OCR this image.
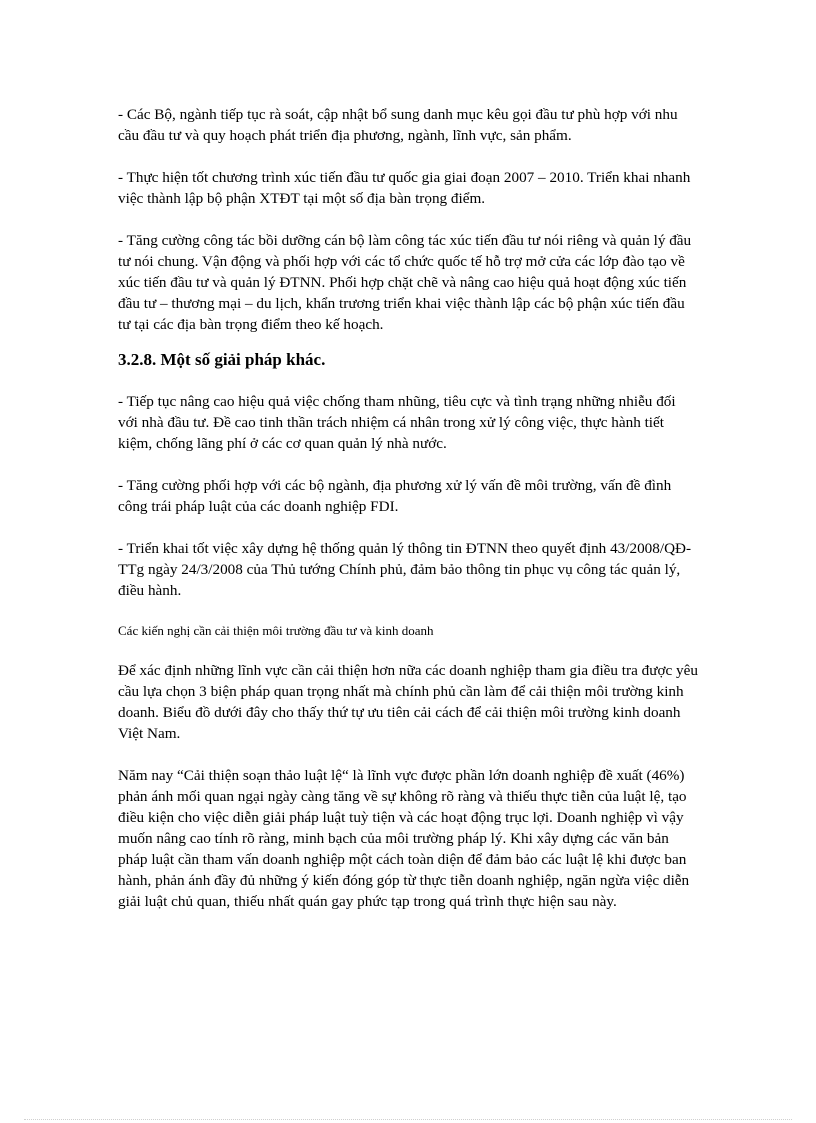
- Các Bộ, ngành tiếp tục rà soát, cập nhật bổ sung danh mục kêu gọi đầu tư phù hợp với nhu cầu đầu tư và quy hoạch phát triển địa phương, ngành, lĩnh vực, sản phẩm.

- Thực hiện tốt chương trình xúc tiến đầu tư quốc gia giai đoạn 2007 – 2010. Triển khai nhanh việc thành lập bộ phận XTĐT tại một số địa bàn trọng điểm.

- Tăng cường công tác bồi dưỡng cán bộ làm công tác xúc tiến đầu tư nói riêng và quản lý đầu tư nói chung. Vận động và phối hợp với các tổ chức quốc tế hỗ trợ mở cửa các lớp đào tạo về xúc tiến đầu tư và quản lý ĐTNN. Phối hợp chặt chẽ và nâng cao hiệu quả hoạt động xúc tiến đầu tư – thương mại – du lịch, khẩn trương triển khai việc thành lập các bộ phận xúc tiến đầu tư tại các địa bàn trọng điểm theo kế hoạch.

3.2.8. Một số giải pháp khác.

- Tiếp tục nâng cao hiệu quả việc chống tham nhũng, tiêu cực và tình trạng những nhiễu đối với nhà đầu tư. Đề cao tinh thần trách nhiệm cá nhân trong xử lý công việc, thực hành tiết kiệm, chống lãng phí ở các cơ quan quản lý nhà nước.

- Tăng cường phối hợp với các bộ ngành, địa phương xử lý vấn đề môi trường, vấn đề đình công trái pháp luật của các doanh nghiệp FDI.

- Triển khai tốt việc xây dựng hệ thống quản lý thông tin ĐTNN theo quyết định 43/2008/QĐ-TTg ngày 24/3/2008 của Thủ tướng Chính phủ, đảm bảo thông tin phục vụ công tác quản lý, điều hành.

Các kiến nghị cần cải thiện môi trường đầu tư và kinh doanh

Để xác định những lĩnh vực cần cải thiện hơn nữa các doanh nghiệp tham gia điều tra được yêu cầu lựa chọn 3 biện pháp quan trọng nhất mà chính phủ cần làm để cải thiện môi trường kinh doanh. Biểu đồ dưới đây cho thấy thứ tự ưu tiên cải cách để cải thiện môi trường kinh doanh Việt Nam.

Năm nay “Cải thiện soạn thảo luật lệ“ là lĩnh vực được phần lớn doanh nghiệp đề xuất (46%) phản ánh mối quan ngại ngày càng tăng về sự không rõ ràng và thiếu thực tiễn của luật lệ, tạo điều kiện cho việc diễn giải pháp luật tuỳ tiện và các hoạt động trục lợi. Doanh nghiệp vì vậy muốn nâng cao tính rõ ràng, minh bạch của môi trường pháp lý. Khi xây dựng các văn bản pháp luật cần tham vấn doanh nghiệp một cách toàn diện để đảm bảo các luật lệ khi được ban hành, phản ánh đầy đủ những ý kiến đóng góp từ thực tiễn doanh nghiệp, ngăn ngừa việc diễn giải luật chủ quan, thiếu nhất quán gay phức tạp trong quá trình thực hiện sau này.
